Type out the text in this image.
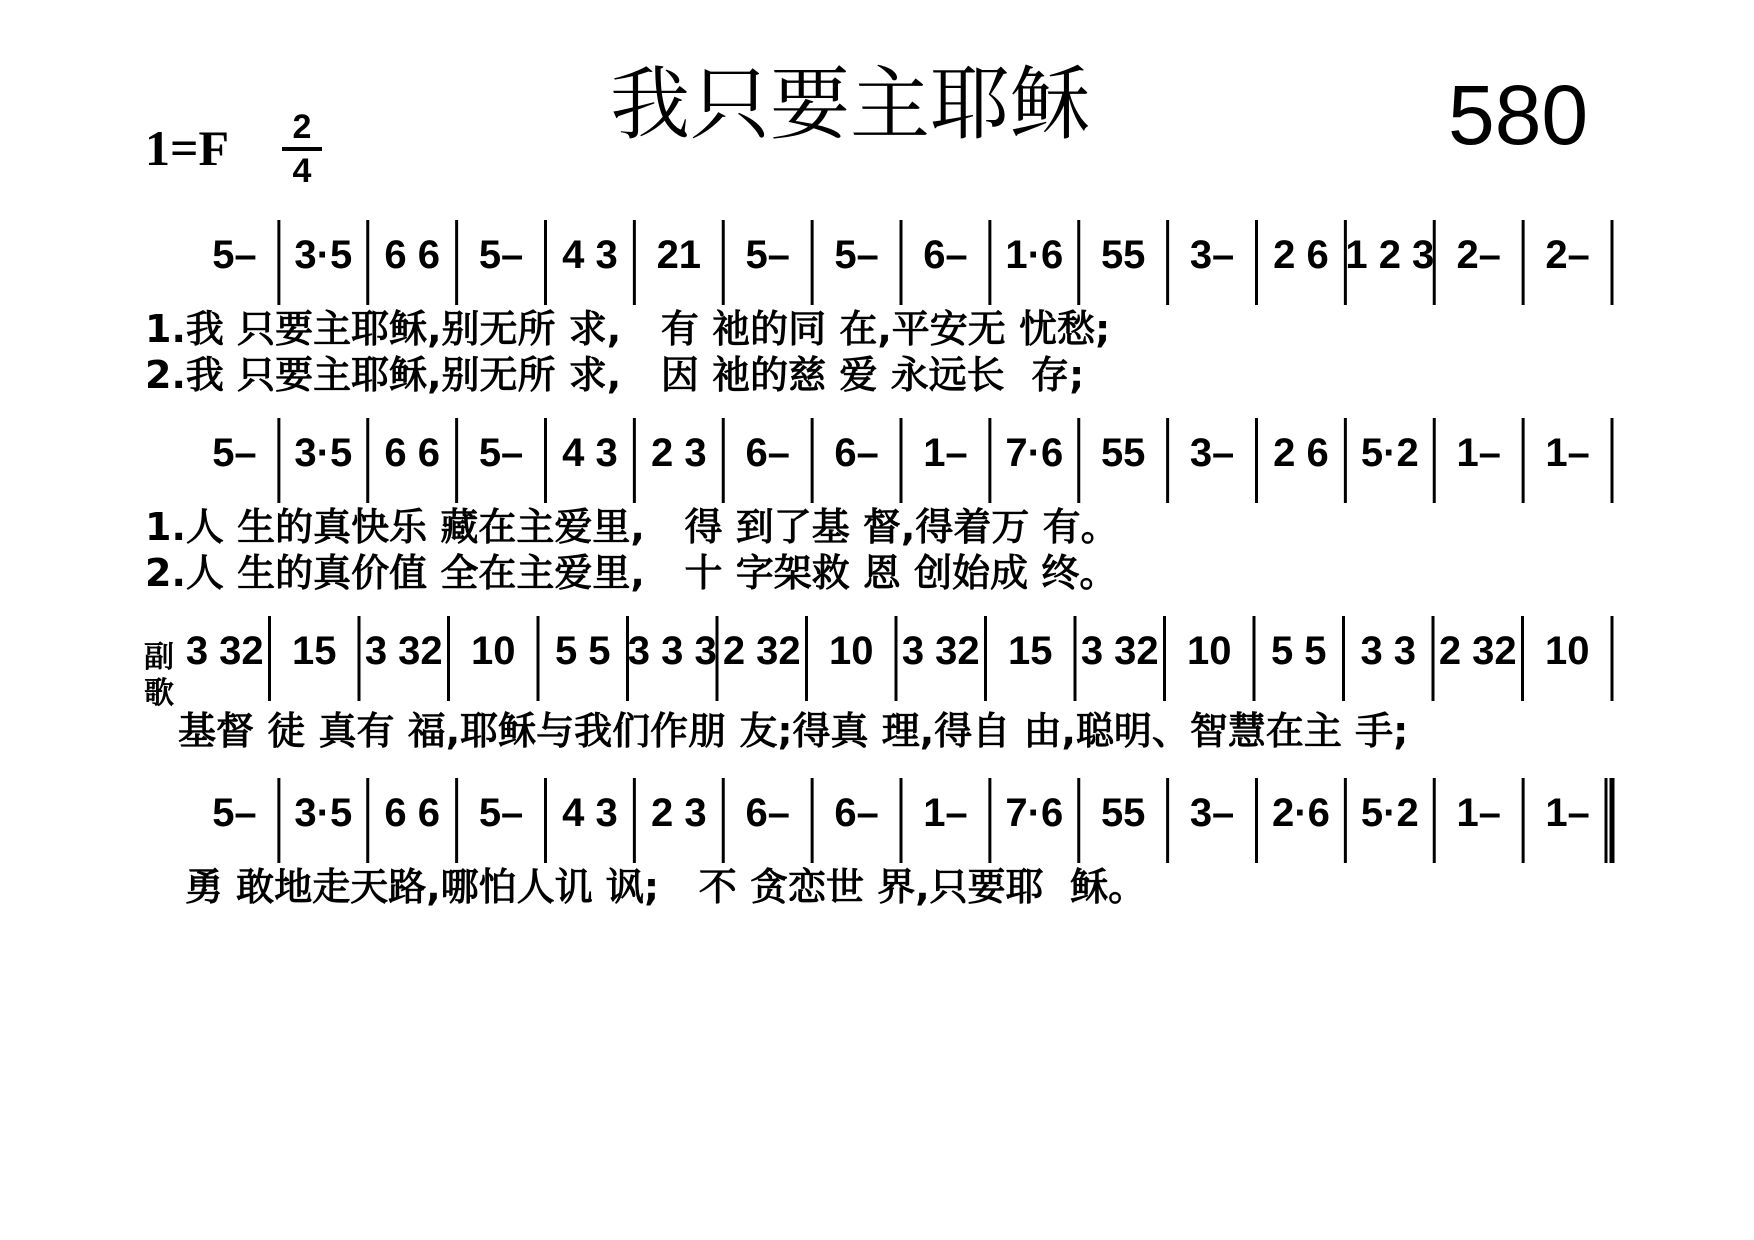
我只要主耶稣	580
1=F	2
4
5– 3·5 6 6 5– 4 3 21 5– 5– 6– 1·6 55 3– 2 6 1 2 3 2– 2–
1.我 只要主耶稣,别无所 求,   有 祂的同 在,平安无 忧愁;
2.我 只要主耶稣,别无所 求,   因 祂的慈 爱 永远长  存;
5– 3·5 6 6 5– 4 3 2 3 6– 6– 1– 7·6 55 3– 2 6 5·2 1– 1–
1.人 生的真快乐 藏在主爱里,   得 到了基 督,得着万 有。
2.人 生的真价值 全在主爱里,   十 字架救 恩 创始成 终。
3 32 15 3 32 10 5 5 3 3 3 2 32 10 3 32 15 3 32 10 5 5 3 3 2 32 10
副歌
基督 徒 真有 福,耶稣与我们作朋 友;得真 理,得自 由,聪明、智慧在主 手;
5– 3·5 6 6 5– 4 3 2 3 6– 6– 1– 7·6 55 3– 2·6 5·2 1– 1–
勇 敢地走天路,哪怕人讥 讽;   不 贪恋世 界,只要耶  稣。
